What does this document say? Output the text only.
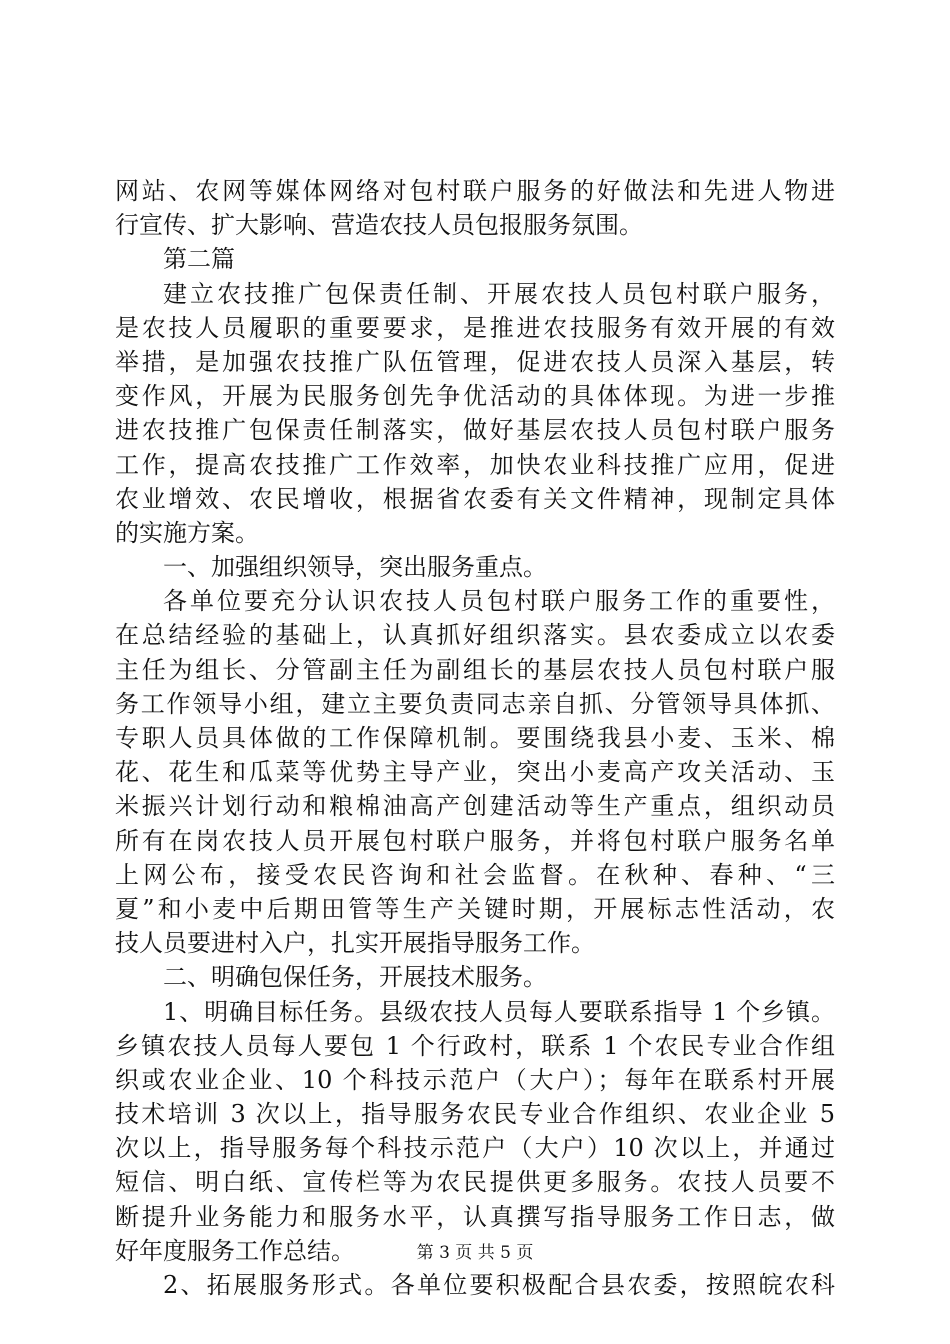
网站、农网等媒体网络对包村联户服务的好做法和先进人物进
行宣传、扩大影响、营造农技人员包报服务氛围。
第二篇
建立农技推广包保责任制、开展农技人员包村联户服务，
是农技人员履职的重要要求，是推进农技服务有效开展的有效
举措，是加强农技推广队伍管理，促进农技人员深入基层，转
变作风，开展为民服务创先争优活动的具体体现。为进一步推
进农技推广包保责任制落实，做好基层农技人员包村联户服务
工作，提高农技推广工作效率，加快农业科技推广应用，促进
农业增效、农民增收，根据省农委有关文件精神，现制定具体
的实施方案。
一、加强组织领导，突出服务重点。
各单位要充分认识农技人员包村联户服务工作的重要性，
在总结经验的基础上，认真抓好组织落实。县农委成立以农委
主任为组长、分管副主任为副组长的基层农技人员包村联户服
务工作领导小组，建立主要负责同志亲自抓、分管领导具体抓、
专职人员具体做的工作保障机制。要围绕我县小麦、玉米、棉
花、花生和瓜菜等优势主导产业，突出小麦高产攻关活动、玉
米振兴计划行动和粮棉油高产创建活动等生产重点，组织动员
所有在岗农技人员开展包村联户服务，并将包村联户服务名单
上网公布，接受农民咨询和社会监督。在秋种、春种、“三
夏”和小麦中后期田管等生产关键时期，开展标志性活动，农
技人员要进村入户，扎实开展指导服务工作。
二、明确包保任务，开展技术服务。
1、明确目标任务。县级农技人员每人要联系指导 1 个乡镇。
乡镇农技人员每人要包 1 个行政村，联系 1 个农民专业合作组
织或农业企业、10 个科技示范户（大户）；每年在联系村开展
技术培训 3 次以上，指导服务农民专业合作组织、农业企业 5
次以上，指导服务每个科技示范户（大户）10 次以上，并通过
短信、明白纸、宣传栏等为农民提供更多服务。农技人员要不
断提升业务能力和服务水平，认真撰写指导服务工作日志，做
好年度服务工作总结。
2、拓展服务形式。各单位要积极配合县农委，按照皖农科
第 3 页 共 5 页
